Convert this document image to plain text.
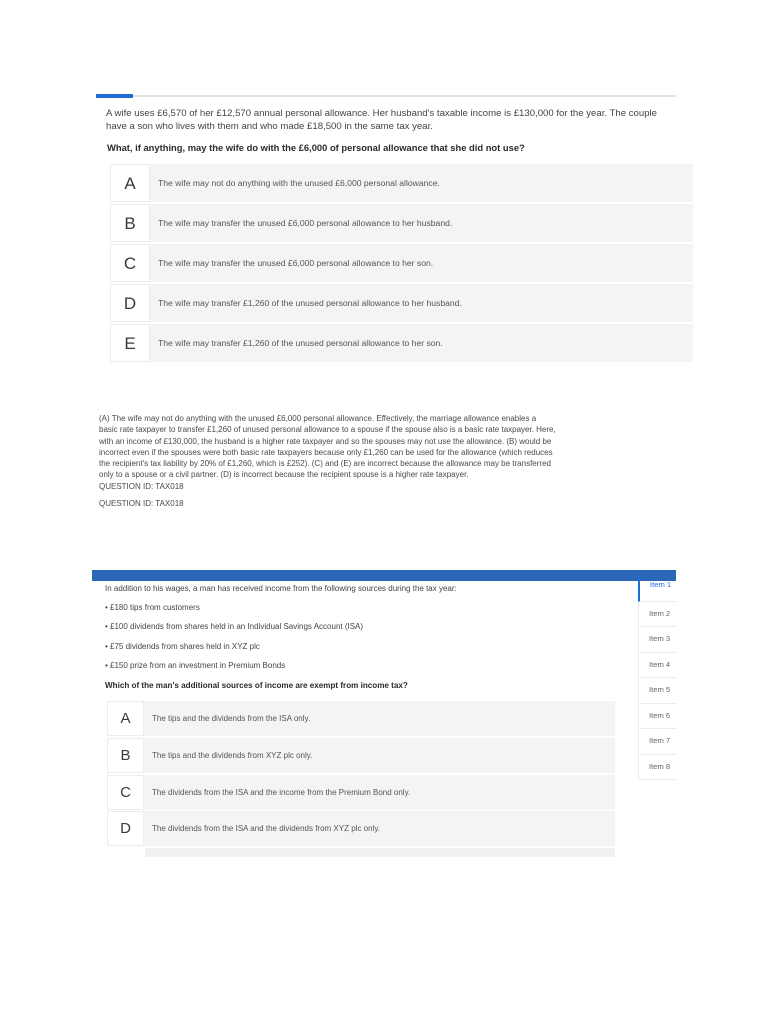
A wife uses £6,570 of her £12,570 annual personal allowance. Her husband's taxable income is £130,000 for the year. The couple have a son who lives with them and who made £18,500 in the same tax year.
What, if anything, may the wife do with the £6,000 of personal allowance that she did not use?
A	The wife may not do anything with the unused £6,000 personal allowance.
B	The wife may transfer the unused £6,000 personal allowance to her husband.
C	The wife may transfer the unused £6,000 personal allowance to her son.
D	The wife may transfer £1,260 of the unused personal allowance to her husband.
E	The wife may transfer £1,260 of the unused personal allowance to her son.

(A) The wife may not do anything with the unused £6,000 personal allowance. Effectively, the marriage allowance enables a

basic rate taxpayer to transfer £1,260 of unused personal allowance to a spouse if the spouse also is a basic rate taxpayer. Here,

with an income of £130,000, the husband is a higher rate taxpayer and so the spouses may not use the allowance. (B) would be

incorrect even if the spouses were both basic rate taxpayers because only £1,260 can be used for the allowance (which reduces

the recipient's tax liability by 20% of £1,260, which is £252). (C) and (E) are incorrect because the allowance may be transferred

only to a spouse or a civil partner. (D) is incorrect because the recipient spouse is a higher rate taxpayer.

QUESTION ID: TAX018

QUESTION ID: TAX018
In addition to his wages, a man has received income from the following sources during the tax year:
• £180 tips from customers
• £100 dividends from shares held in an Individual Savings Account (ISA)
• £75 dividends from shares held in XYZ plc
• £150 prize from an investment in Premium Bonds
Which of the man's additional sources of income are exempt from income tax?
A	The tips and the dividends from the ISA only.
B	The tips and the dividends from XYZ plc only.
C	The dividends from the ISA and the income from the Premium Bond only.
D	The dividends from the ISA and the dividends from XYZ plc only.
Item 1
Item 2
Item 3
Item 4
Item 5
Item 6
Item 7
Item 8
